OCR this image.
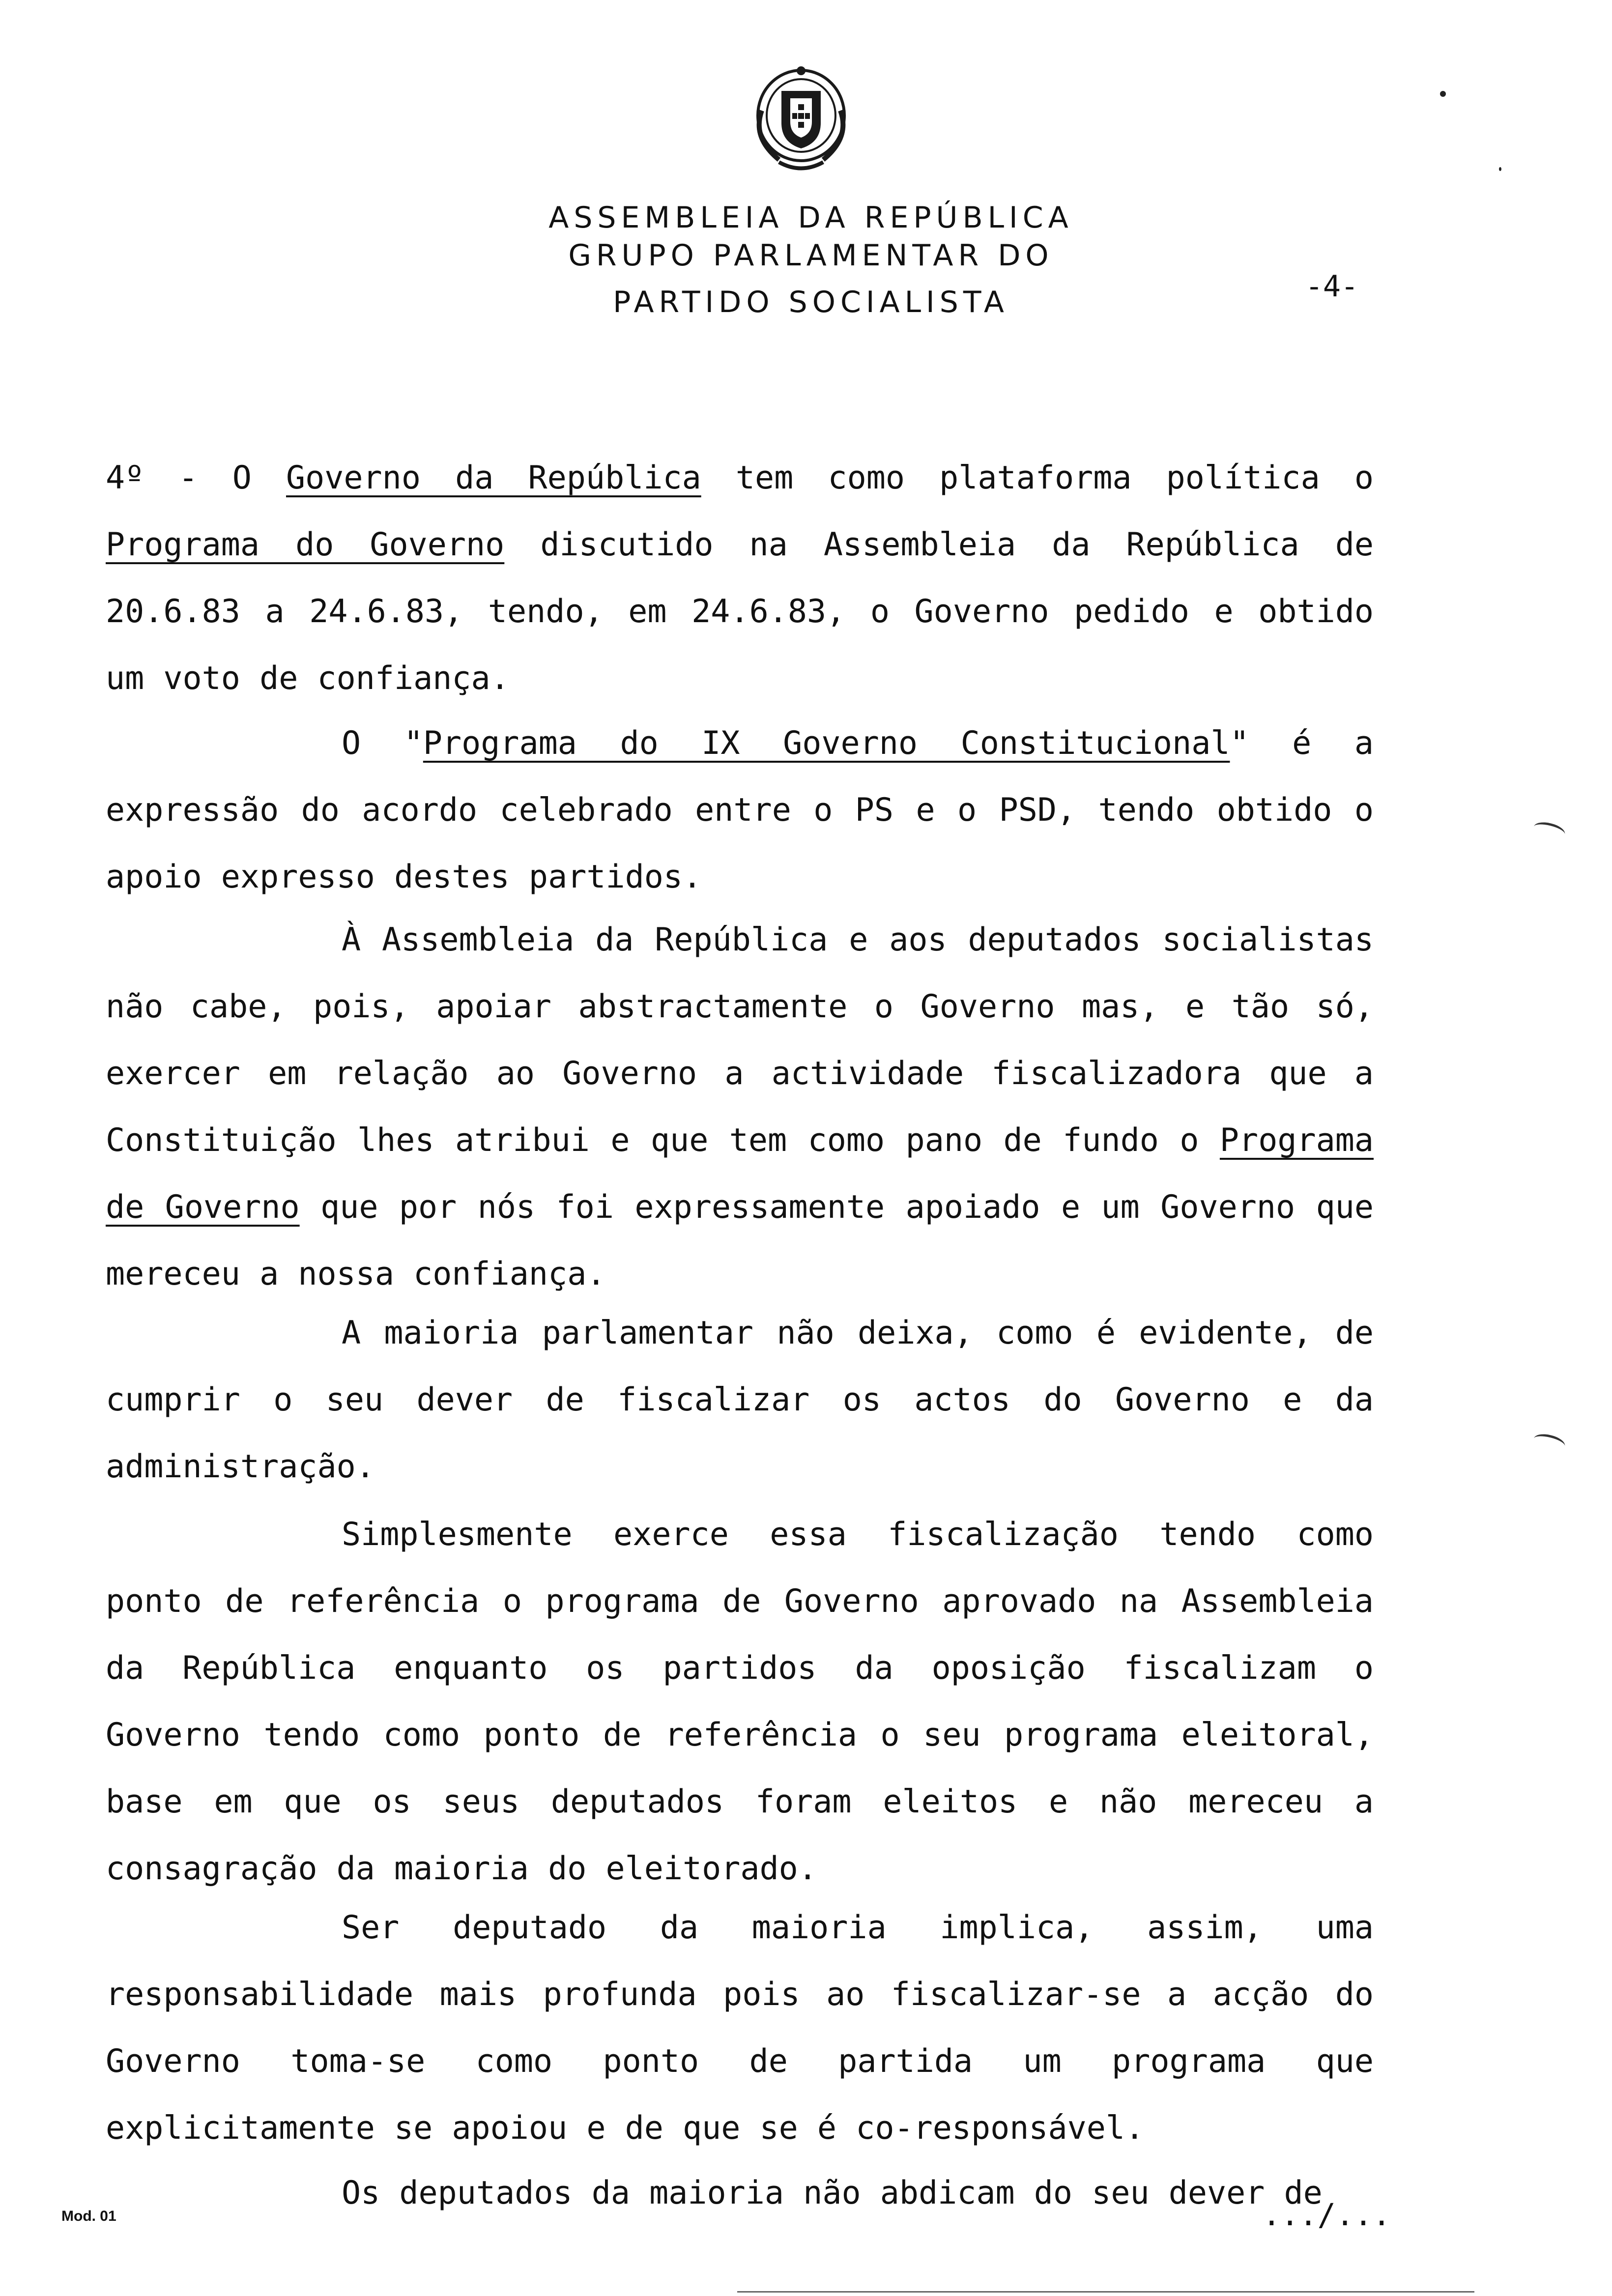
ASSEMBLEIA DA REPÚBLICA
GRUPO PARLAMENTAR DO
PARTIDO SOCIALISTA	-4-

4º - O Governo da República tem como plataforma política o Programa do Governo discutido na Assembleia da República de 20.6.83 a 24.6.83, tendo, em 24.6.83, o Governo pedido e obtido um voto de confiança.

O "Programa do IX Governo Constitucional" é a expressão do acordo celebrado entre o PS e o PSD, tendo obtido o apoio expresso destes partidos.

À Assembleia da República e aos deputados socialistas não cabe, pois, apoiar abstractamente o Governo mas, e tão só, exercer em relação ao Governo a actividade fiscalizadora que a Constituição lhes atribui e que tem como pano de fundo o Programa de Governo que por nós foi expressamente apoiado e um Governo que mereceu a nossa confiança.

A maioria parlamentar não deixa, como é evidente, de cumprir o seu dever de fiscalizar os actos do Governo e da administração.

Simplesmente exerce essa fiscalização tendo como ponto de referência o programa de Governo aprovado na Assembleia da República enquanto os partidos da oposição fiscalizam o Governo tendo como ponto de referência o seu programa eleitoral, base em que os seus deputados foram eleitos e não mereceu a consagração da maioria do eleitorado.

Ser deputado da maioria implica, assim, uma responsabilidade mais profunda pois ao fiscalizar-se a acção do Governo toma-se como ponto de partida um programa que explicitamente se apoiou e de que se é co-responsável.

Os deputados da maioria não abdicam do seu dever de

Mod. 01	.../...
